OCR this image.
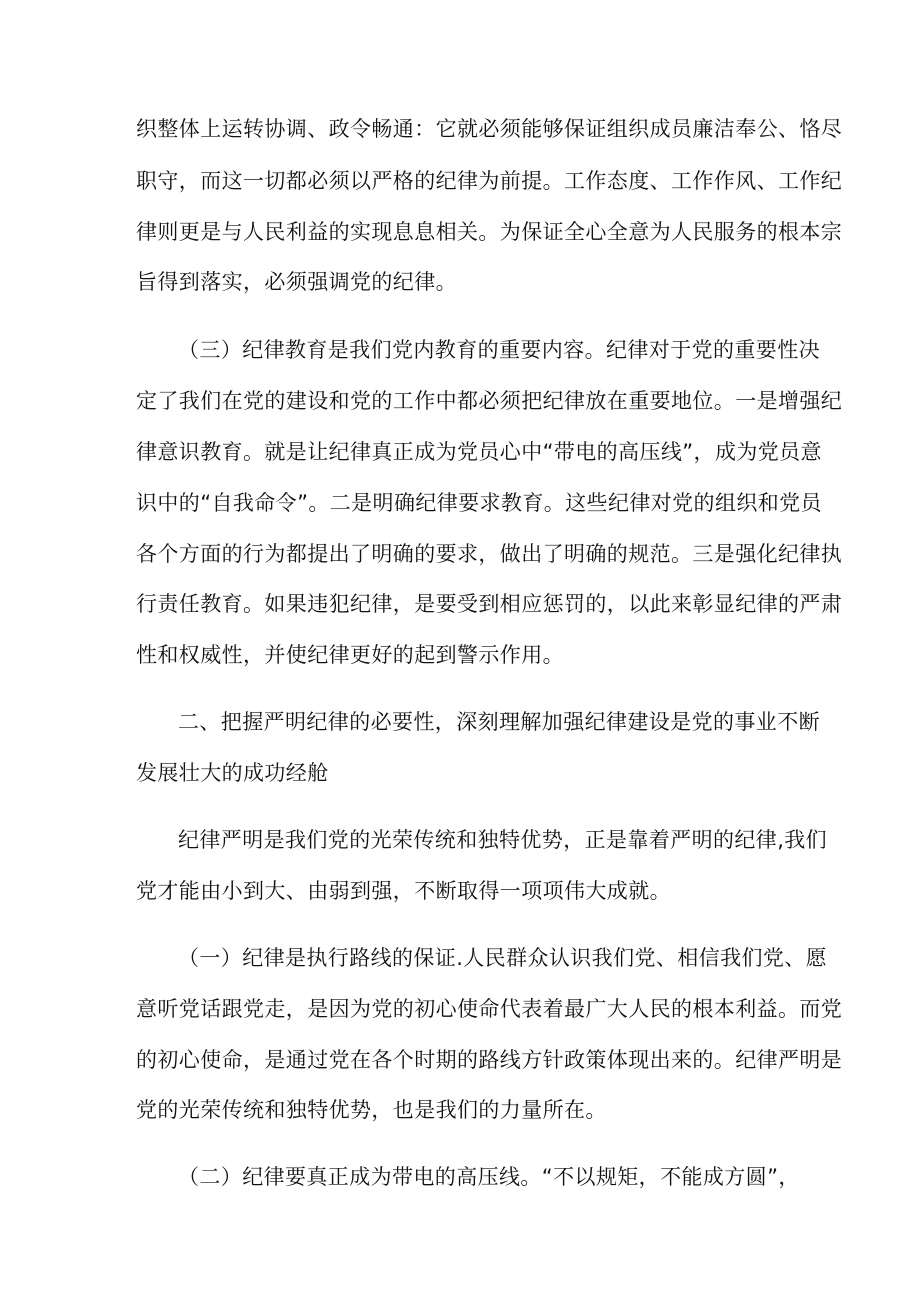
织整体上运转协调、政令畅通：它就必须能够保证组织成员廉洁奉公、恪尽
职守，而这一切都必须以严格的纪律为前提。工作态度、工作作风、工作纪
律则更是与人民利益的实现息息相关。为保证全心全意为人民服务的根本宗
旨得到落实，必须强调党的纪律。
（三）纪律教育是我们党内教育的重要内容。纪律对于党的重要性决
定了我们在党的建设和党的工作中都必须把纪律放在重要地位。一是增强纪
律意识教育。就是让纪律真正成为党员心中“带电的高压线”，成为党员意
识中的“自我命令”。二是明确纪律要求教育。这些纪律对党的组织和党员
各个方面的行为都提出了明确的要求，做出了明确的规范。三是强化纪律执
行责任教育。如果违犯纪律，是要受到相应惩罚的，以此来彰显纪律的严肃
性和权威性，并使纪律更好的起到警示作用。
二、把握严明纪律的必要性，深刻理解加强纪律建设是党的事业不断
发展壮大的成功经舱
纪律严明是我们党的光荣传统和独特优势，正是靠着严明的纪律,我们
党才能由小到大、由弱到强，不断取得一项项伟大成就。
（一）纪律是执行路线的保证.人民群众认识我们党、相信我们党、愿
意听党话跟党走，是因为党的初心使命代表着最广大人民的根本利益。而党
的初心使命，是通过党在各个时期的路线方针政策体现出来的。纪律严明是
党的光荣传统和独特优势，也是我们的力量所在。
（二）纪律要真正成为带电的高压线。“不以规矩，不能成方圆”，
